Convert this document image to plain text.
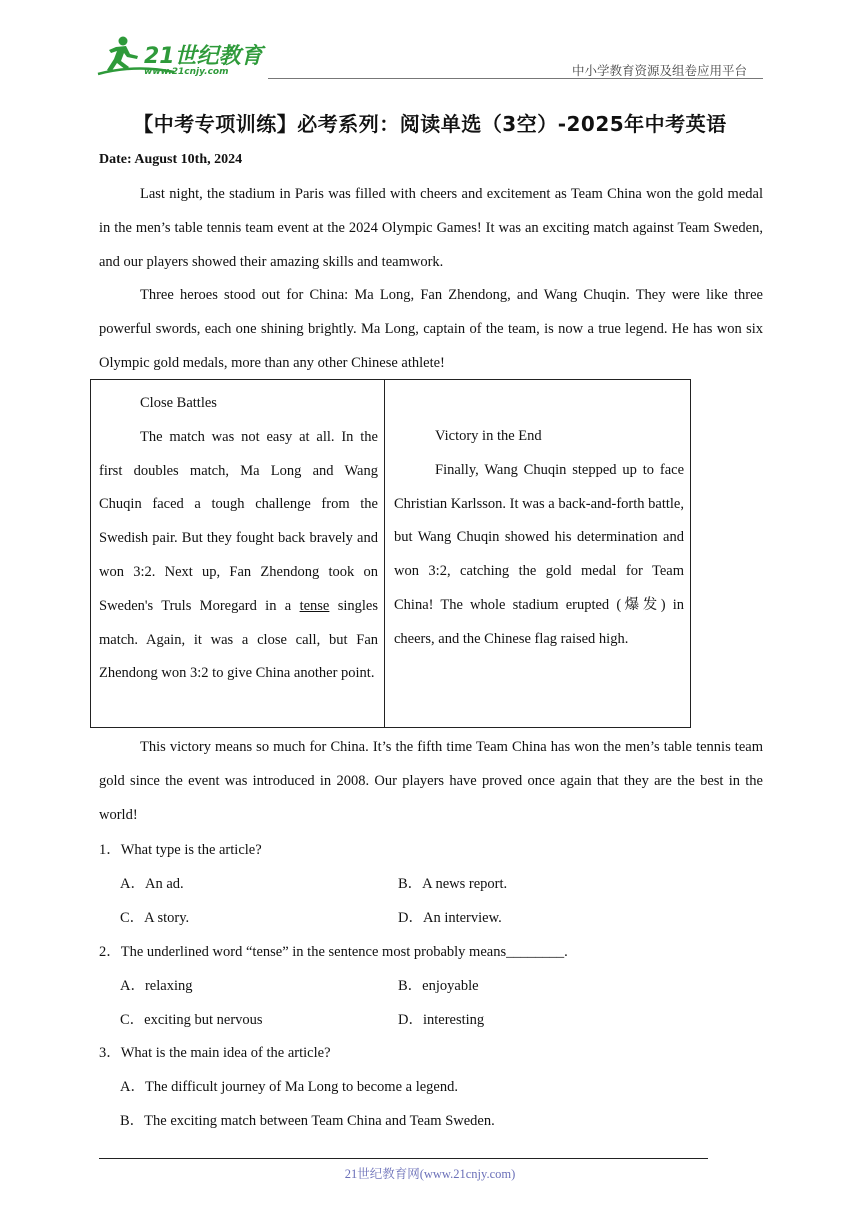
21世纪教育
www.21cnjy.com	中小学教育资源及组卷应用平台
【中考专项训练】必考系列：阅读单选（3空）-2025年中考英语
Date: August 10th, 2024
Last night, the stadium in Paris was filled with cheers and excitement as Team China won the gold medal in the men’s table tennis team event at the 2024 Olympic Games! It was an exciting match against Team Sweden, and our players showed their amazing skills and teamwork.
Three heroes stood out for China: Ma Long, Fan Zhendong, and Wang Chuqin. They were like three powerful swords, each one shining brightly. Ma Long, captain of the team, is now a true legend. He has won six Olympic gold medals, more than any other Chinese athlete!
Close Battles
The match was not easy at all. In the first doubles match, Ma Long and Wang Chuqin faced a tough challenge from the Swedish pair. But they fought back bravely and won 3:2. Next up, Fan Zhendong took on Sweden's Truls Moregard in a tense singles match. Again, it was a close call, but Fan Zhendong won 3:2 to give China another point.
Victory in the End
Finally, Wang Chuqin stepped up to face Christian Karlsson. It was a back-and-forth battle, but Wang Chuqin showed his determination and won 3:2, catching the gold medal for Team China! The whole stadium erupted (爆发) in cheers, and the Chinese flag raised high.
This victory means so much for China. It’s the fifth time Team China has won the men’s table tennis team gold since the event was introduced in 2008. Our players have proved once again that they are the best in the world!
1．What type is the article?
A．An ad.	B．A news report.
C．A story.	D．An interview.
2．The underlined word “tense” in the sentence most probably means________.
A．relaxing	B．enjoyable
C．exciting but nervous	D．interesting
3．What is the main idea of the article?
A．The difficult journey of Ma Long to become a legend.
B．The exciting match between Team China and Team Sweden.
21世纪教育网(www.21cnjy.com)
